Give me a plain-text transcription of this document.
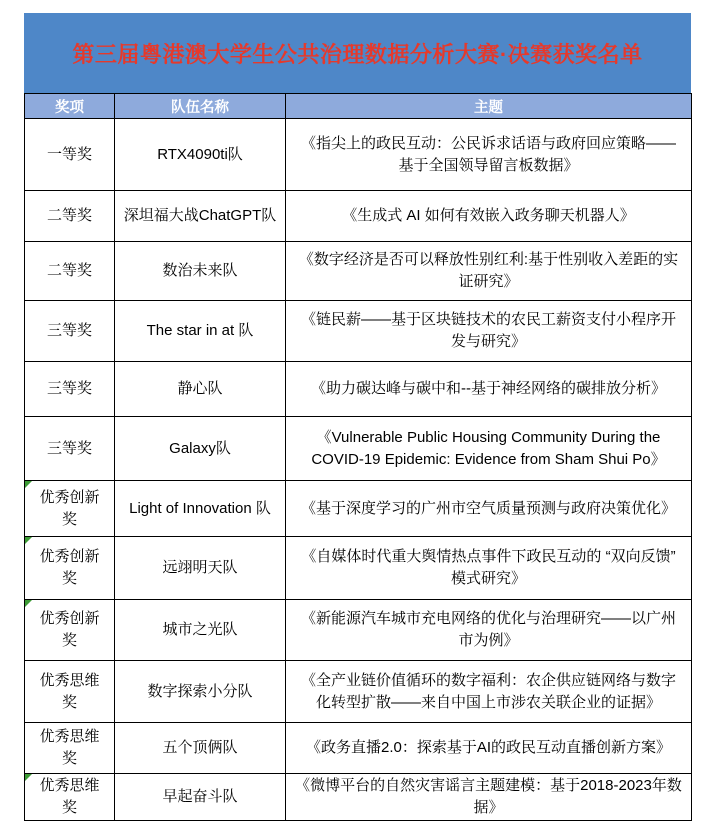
第三届粤港澳大学生公共治理数据分析大赛·决赛获奖名单
奖项	队伍名称	主题
一等奖	RTX4090ti队	《指尖上的政民互动：公民诉求话语与政府回应策略——基于全国领导留言板数据》
二等奖	深坦福大战ChatGPT队	《生成式 AI 如何有效嵌入政务聊天机器人》
二等奖	数治未来队	《数字经济是否可以释放性别红利:基于性别收入差距的实证研究》
三等奖	The star in at 队	《链民薪——基于区块链技术的农民工薪资支付小程序开发与研究》
三等奖	静心队	《助力碳达峰与碳中和--基于神经网络的碳排放分析》
三等奖	Galaxy队	《Vulnerable Public Housing Community During the COVID-19 Epidemic: Evidence from Sham Shui Po》

优秀创新奖	Light of Innovation 队	《基于深度学习的广州市空气质量预测与政府决策优化》

优秀创新奖	远翊明天队	《自媒体时代重大舆情热点事件下政民互动的 “双向反馈” 模式研究》

优秀创新奖	城市之光队	《新能源汽车城市充电网络的优化与治理研究——以广州市为例》
优秀思维奖	数字探索小分队	《全产业链价值循环的数字福利：农企供应链网络与数字化转型扩散——来自中国上市涉农关联企业的证据》
优秀思维奖	五个顶俩队	《政务直播2.0：探索基于AI的政民互动直播创新方案》

优秀思维奖	早起奋斗队	《微博平台的自然灾害谣言主题建模：基于2018-2023年数据》
